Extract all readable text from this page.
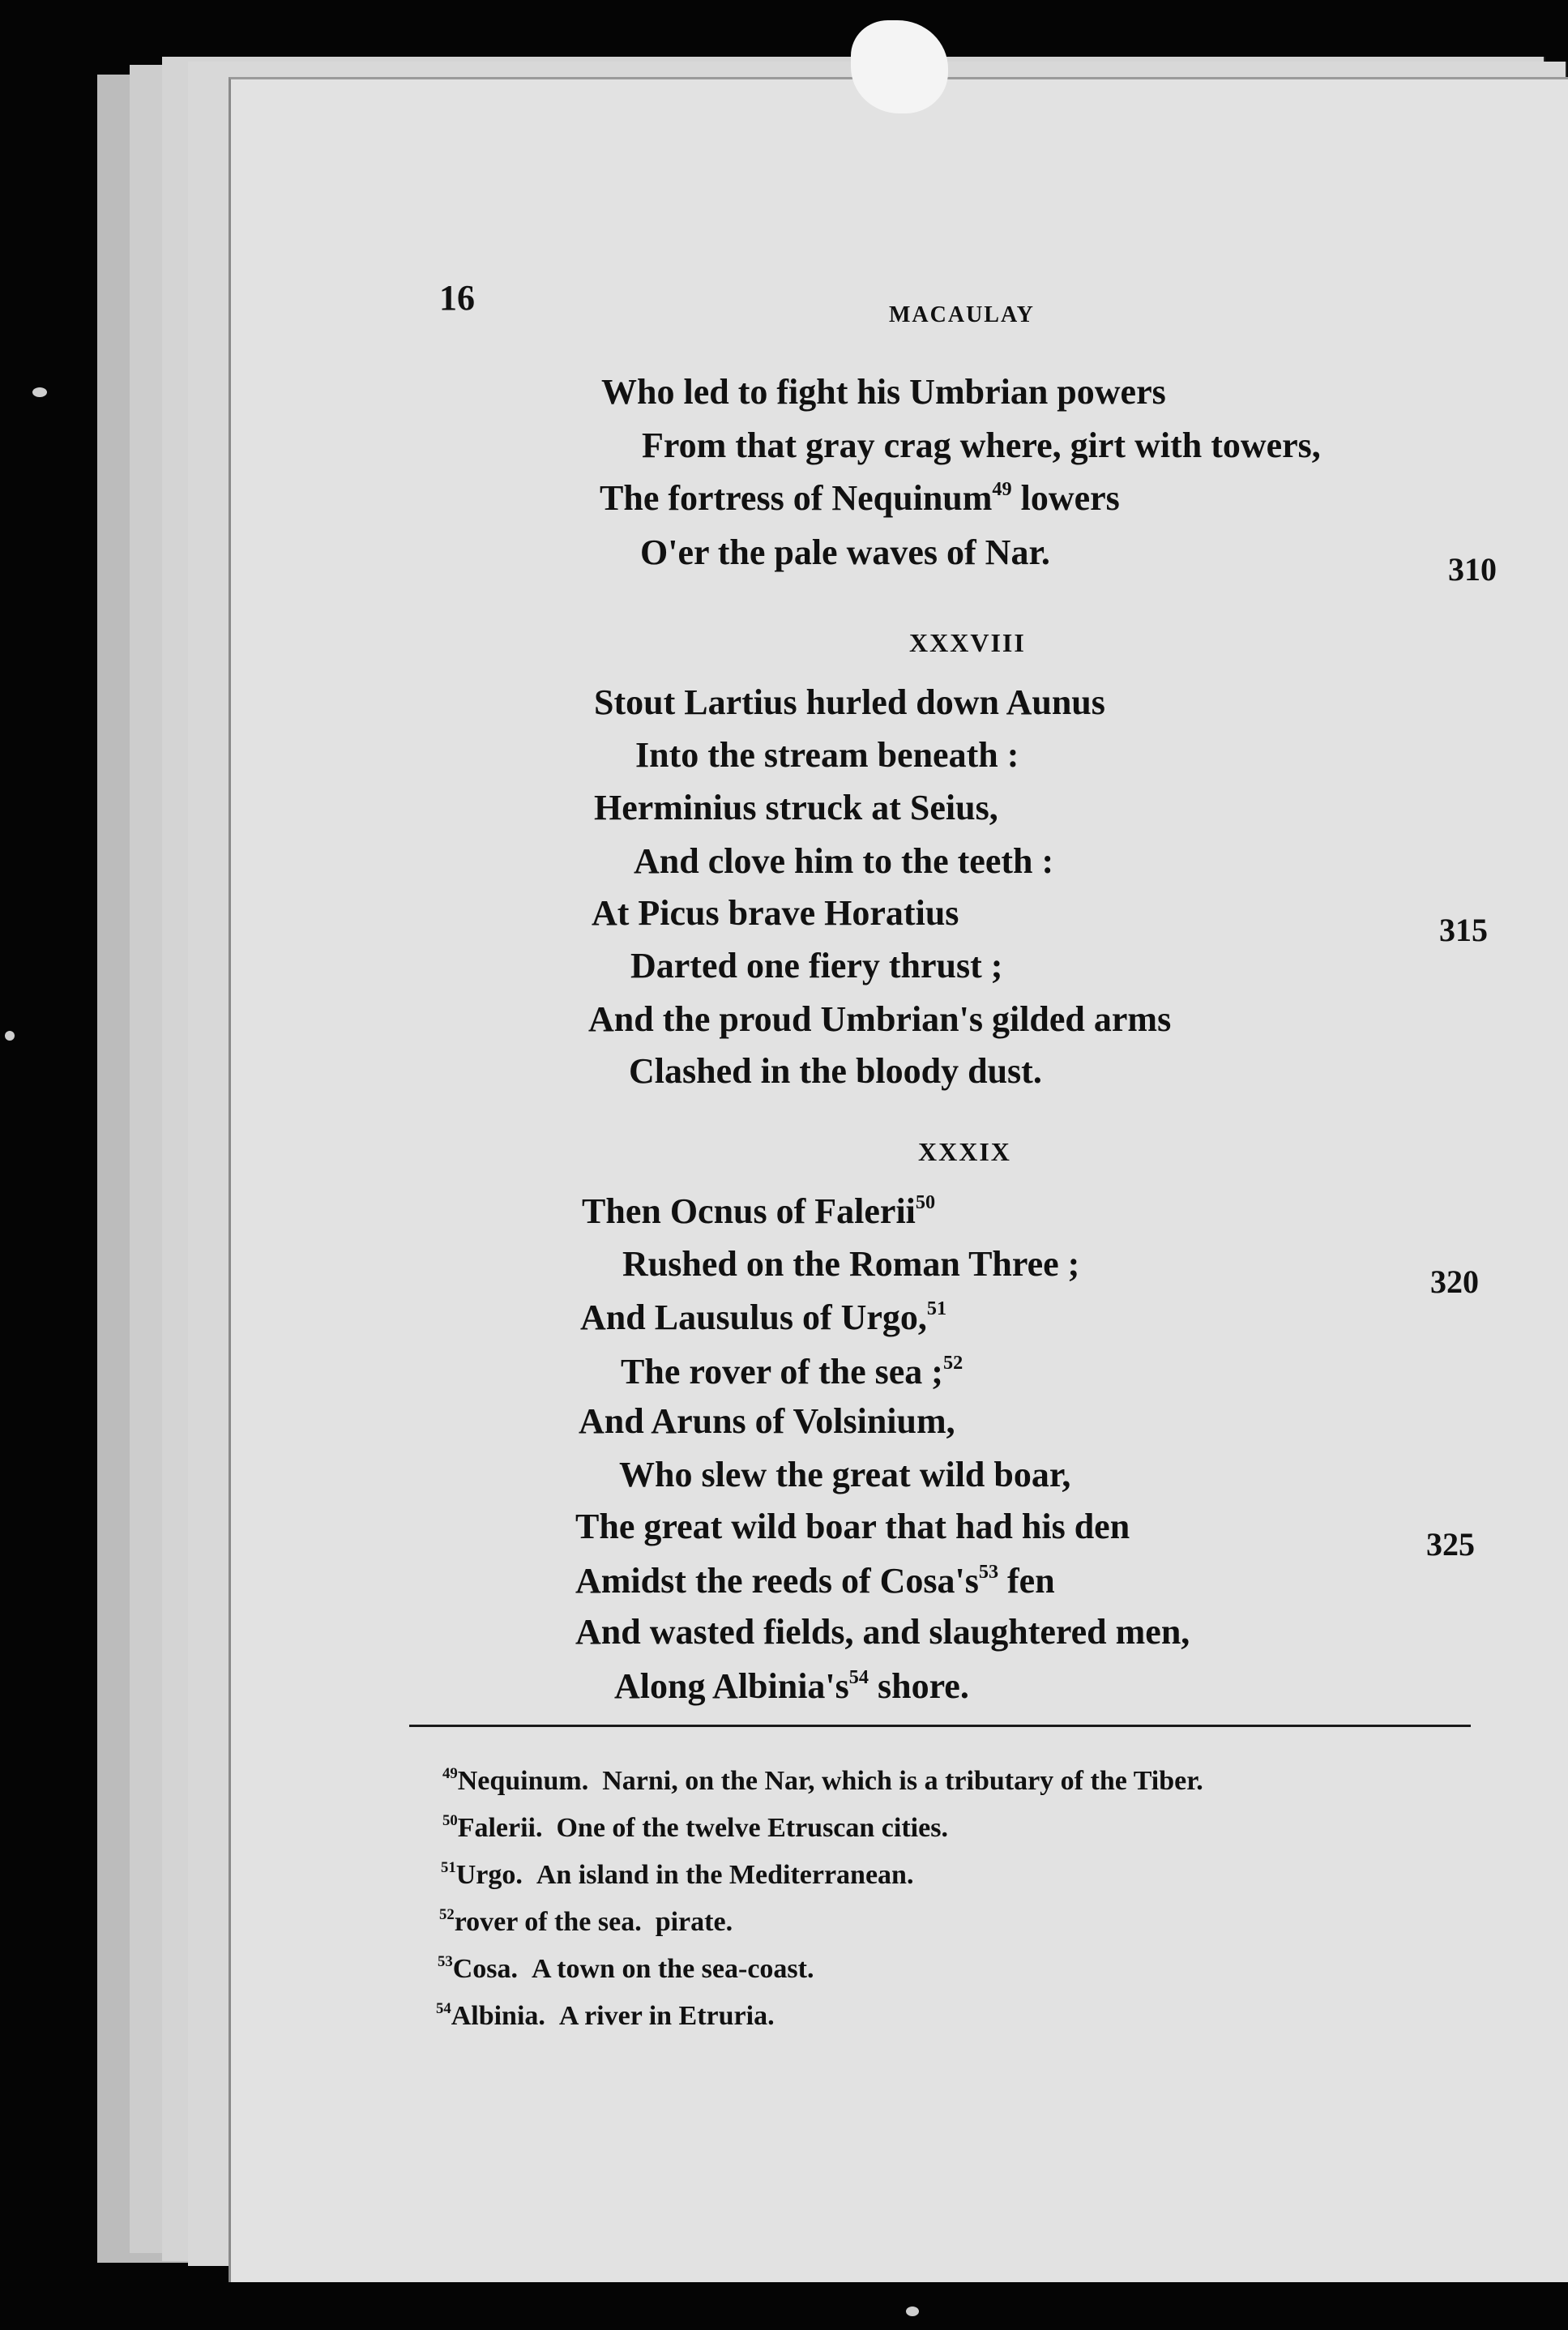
16	MACAULAY
Who led to fight his Umbrian powers
From that gray crag where, girt with towers,
The fortress of Nequinum$^{49}$ lowers
O'er the pale waves of Nar.	310
XXXVIII
Stout Lartius hurled down Aunus
Into the stream beneath :
Herminius struck at Seius,
And clove him to the teeth :
At Picus brave Horatius	315
Darted one fiery thrust ;
And the proud Umbrian's gilded arms
Clashed in the bloody dust.
XXXIX
Then Ocnus of Falerii$^{50}$
Rushed on the Roman Three ;	320
And Lausulus of Urgo,$^{51}$
The rover of the sea ;$^{52}$
And Aruns of Volsinium,
Who slew the great wild boar,
The great wild boar that had his den	325
Amidst the reeds of $Cosa's^{53}$ fen
And wasted fields, and slaughtered men,
Along $Albinia's^{54}$ shore.
$^{49}$Nequinum. Narni, on the Nar, which is a tributary of the Tiber.
$^{50}$Falerii. One of the twelve Etruscan cities.
$^{51}$Urgo. An island in the Mediterranean.
$^{52}$rover of the sea. pirate.
$^{53}$Cosa. A town on the sea-coast.
$^{54}$Albinia. A river in Etruria.
